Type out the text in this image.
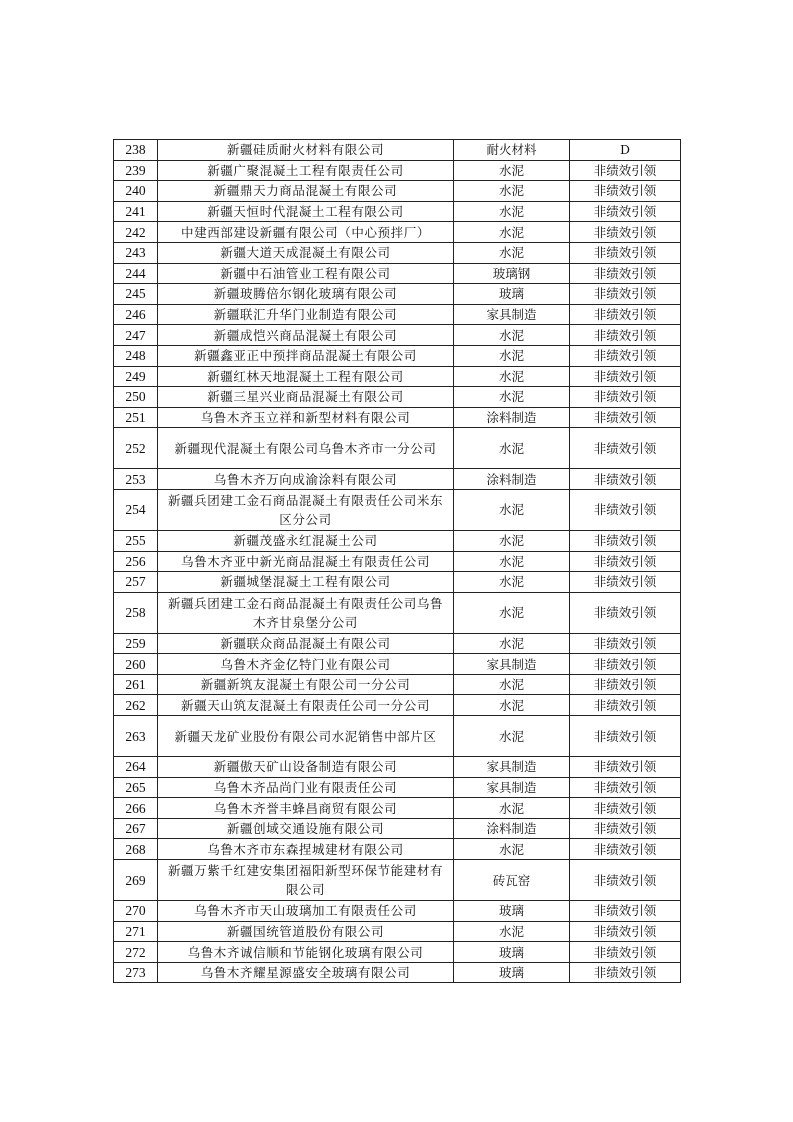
238	新疆硅质耐火材料有限公司	耐火材料	D
239	新疆广聚混凝土工程有限责任公司	水泥	非绩效引领
240	新疆鼎天力商品混凝土有限公司	水泥	非绩效引领
241	新疆天恒时代混凝土工程有限公司	水泥	非绩效引领
242	中建西部建设新疆有限公司（中心预拌厂）	水泥	非绩效引领
243	新疆大道天成混凝土有限公司	水泥	非绩效引领
244	新疆中石油管业工程有限公司	玻璃钢	非绩效引领
245	新疆玻腾倍尔钢化玻璃有限公司	玻璃	非绩效引领
246	新疆联汇升华门业制造有限公司	家具制造	非绩效引领
247	新疆成恺兴商品混凝土有限公司	水泥	非绩效引领
248	新疆鑫亚正中预拌商品混凝土有限公司	水泥	非绩效引领
249	新疆红林天地混凝土工程有限公司	水泥	非绩效引领
250	新疆三星兴业商品混凝土有限公司	水泥	非绩效引领
251	乌鲁木齐玉立祥和新型材料有限公司	涂料制造	非绩效引领
252	新疆现代混凝土有限公司乌鲁木齐市一分公司	水泥	非绩效引领
253	乌鲁木齐万向成渝涂料有限公司	涂料制造	非绩效引领
254	新疆兵团建工金石商品混凝土有限责任公司米东区分公司	水泥	非绩效引领
255	新疆茂盛永红混凝土公司	水泥	非绩效引领
256	乌鲁木齐亚中新光商品混凝土有限责任公司	水泥	非绩效引领
257	新疆城堡混凝土工程有限公司	水泥	非绩效引领
258	新疆兵团建工金石商品混凝土有限责任公司乌鲁木齐甘泉堡分公司	水泥	非绩效引领
259	新疆联众商品混凝土有限公司	水泥	非绩效引领
260	乌鲁木齐金亿特门业有限公司	家具制造	非绩效引领
261	新疆新筑友混凝土有限公司一分公司	水泥	非绩效引领
262	新疆天山筑友混凝土有限责任公司一分公司	水泥	非绩效引领
263	新疆天龙矿业股份有限公司水泥销售中部片区	水泥	非绩效引领
264	新疆傲天矿山设备制造有限公司	家具制造	非绩效引领
265	乌鲁木齐品尚门业有限责任公司	家具制造	非绩效引领
266	乌鲁木齐誉丰蜂昌商贸有限公司	水泥	非绩效引领
267	新疆创域交通设施有限公司	涂料制造	非绩效引领
268	乌鲁木齐市东森捏城建材有限公司	水泥	非绩效引领
269	新疆万紫千红建安集团福阳新型环保节能建材有限公司	砖瓦窑	非绩效引领
270	乌鲁木齐市天山玻璃加工有限责任公司	玻璃	非绩效引领
271	新疆国统管道股份有限公司	水泥	非绩效引领
272	乌鲁木齐诚信顺和节能钢化玻璃有限公司	玻璃	非绩效引领
273	乌鲁木齐耀星源盛安全玻璃有限公司	玻璃	非绩效引领
